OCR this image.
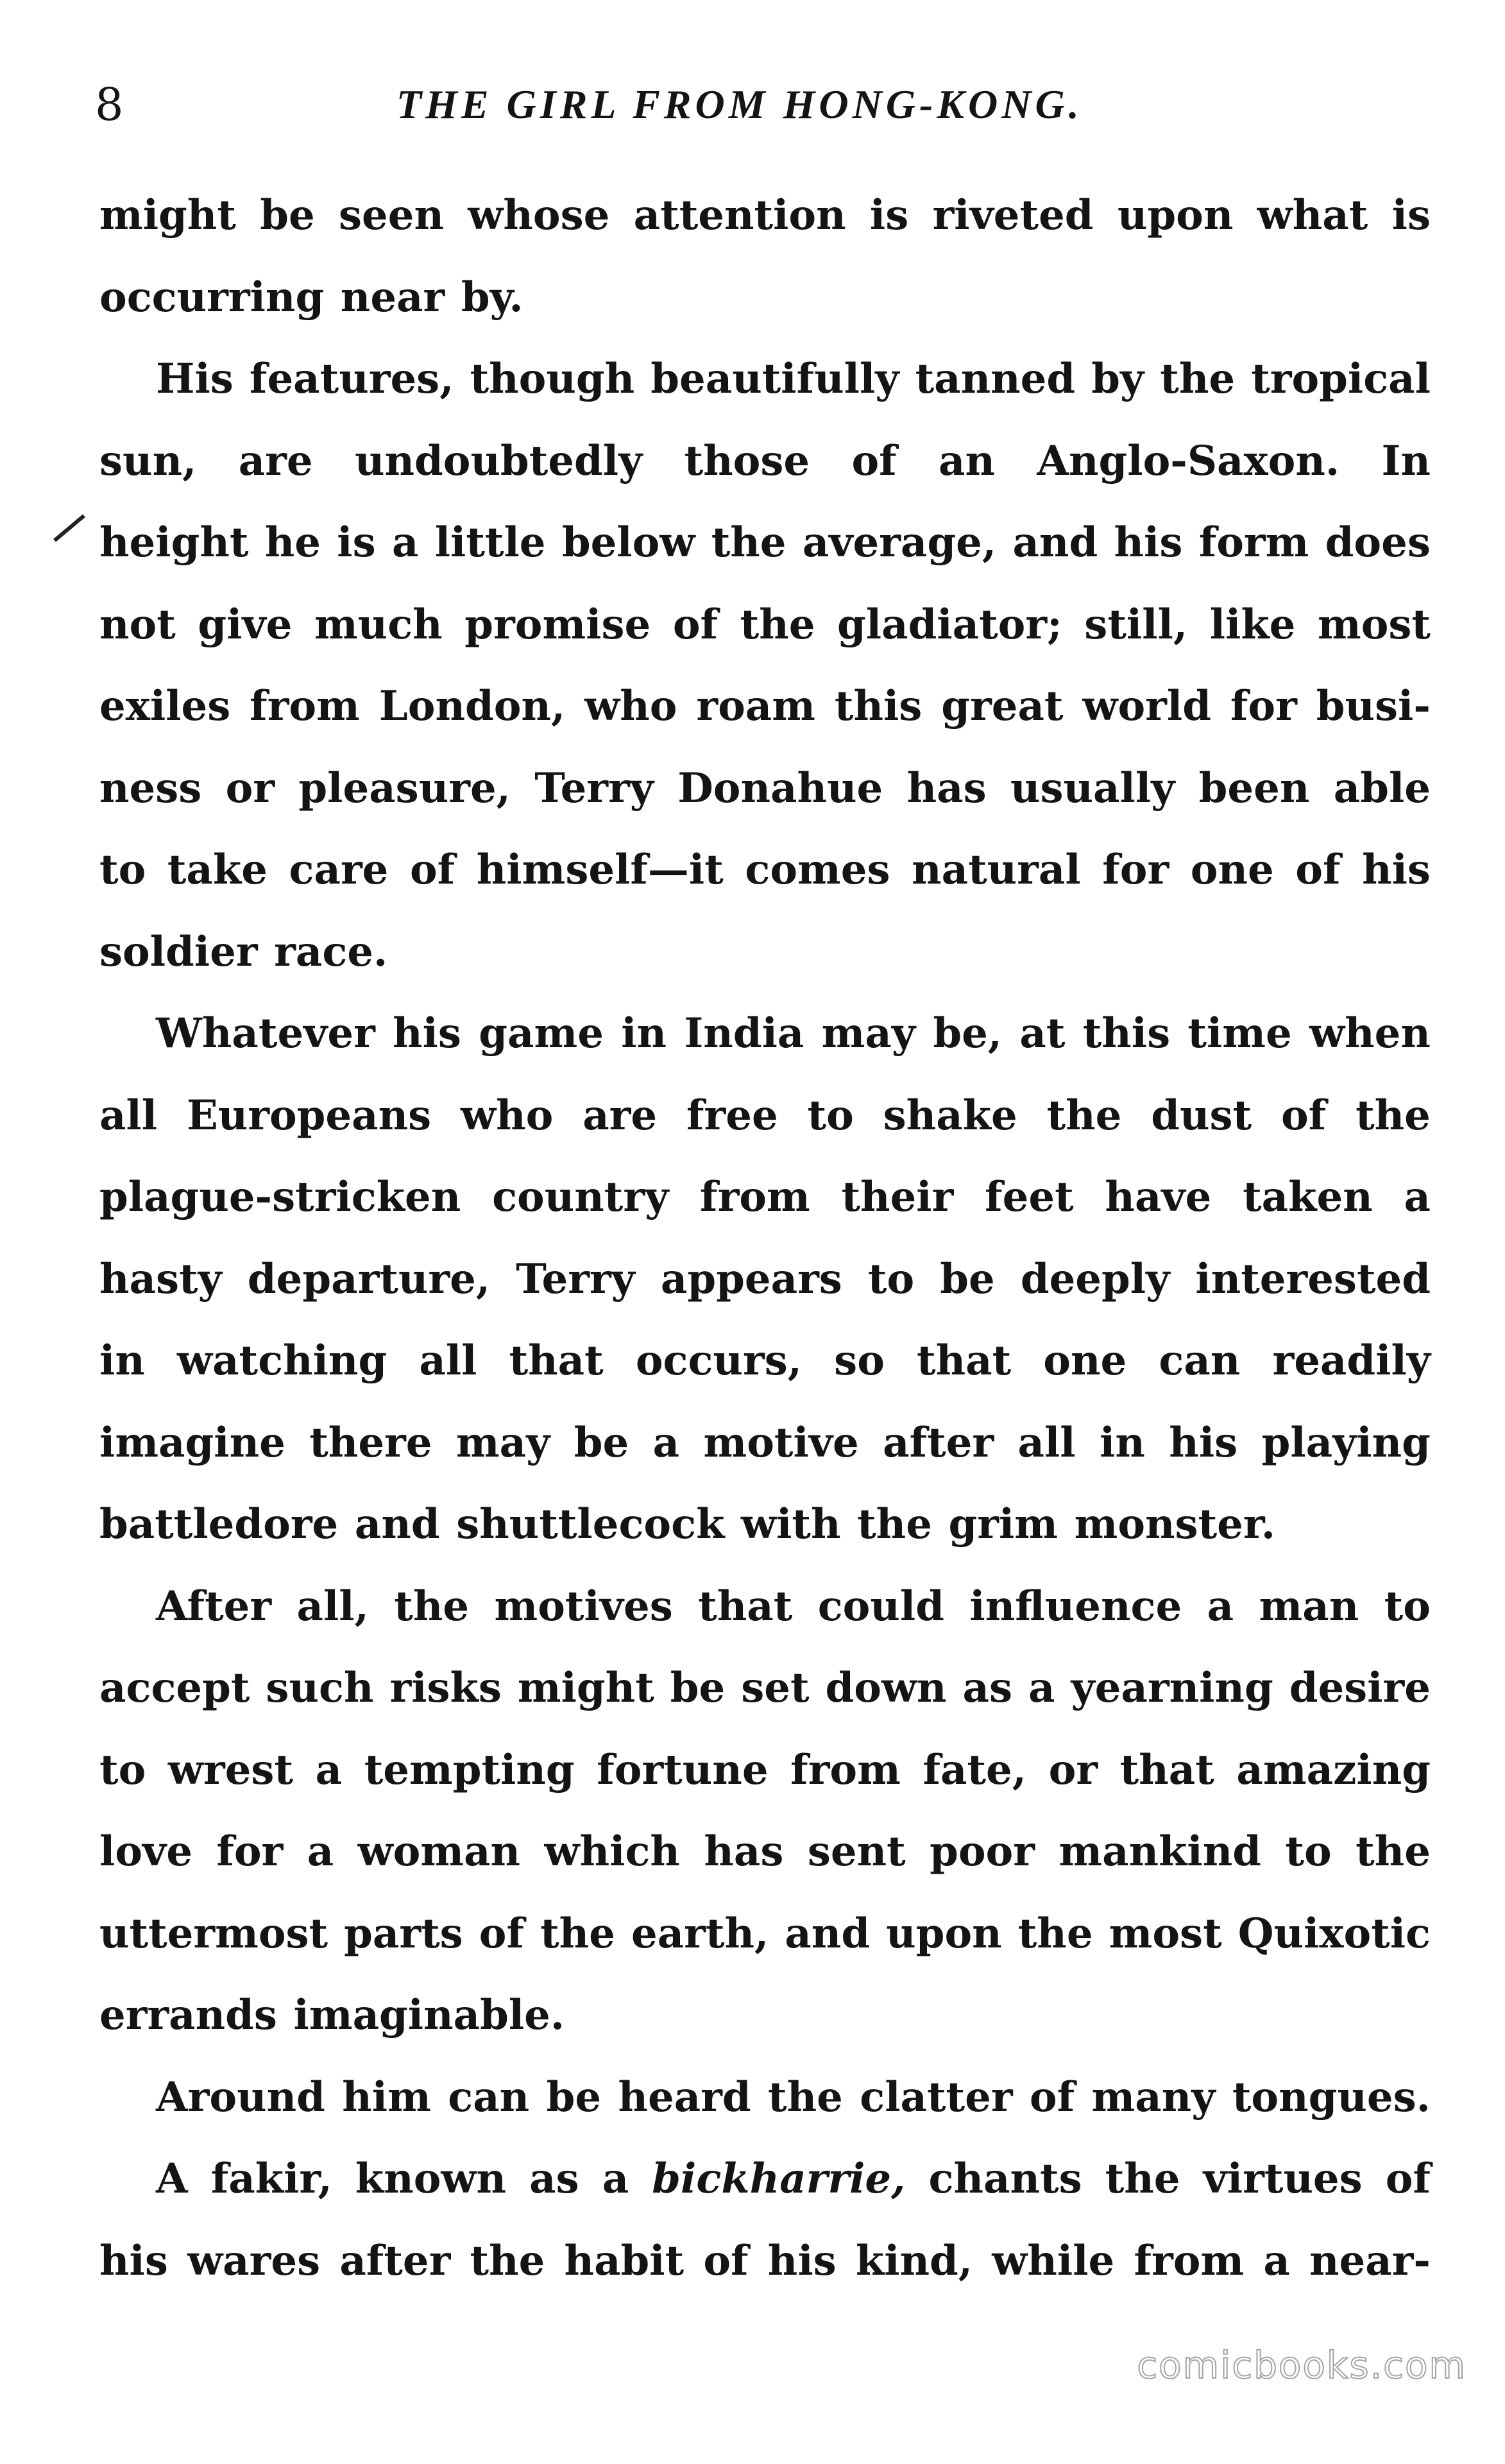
8	THE GIRL FROM HONG-KONG.
might be seen whose attention is riveted upon what is
occurring near by.
His features, though beautifully tanned by the tropical
sun, are undoubtedly those of an Anglo-Saxon. In
height he is a little below the average, and his form does
not give much promise of the gladiator; still, like most
exiles from London, who roam this great world for busi-
ness or pleasure, Terry Donahue has usually been able
to take care of himself—it comes natural for one of his
soldier race.
Whatever his game in India may be, at this time when
all Europeans who are free to shake the dust of the
plague-stricken country from their feet have taken a
hasty departure, Terry appears to be deeply interested
in watching all that occurs, so that one can readily
imagine there may be a motive after all in his playing
battledore and shuttlecock with the grim monster.
After all, the motives that could influence a man to
accept such risks might be set down as a yearning desire
to wrest a tempting fortune from fate, or that amazing
love for a woman which has sent poor mankind to the
uttermost parts of the earth, and upon the most Quixotic
errands imaginable.
Around him can be heard the clatter of many tongues.
A fakir, known as a bickharrie, chants the virtues of
his wares after the habit of his kind, while from a near-
comicbooks.com
